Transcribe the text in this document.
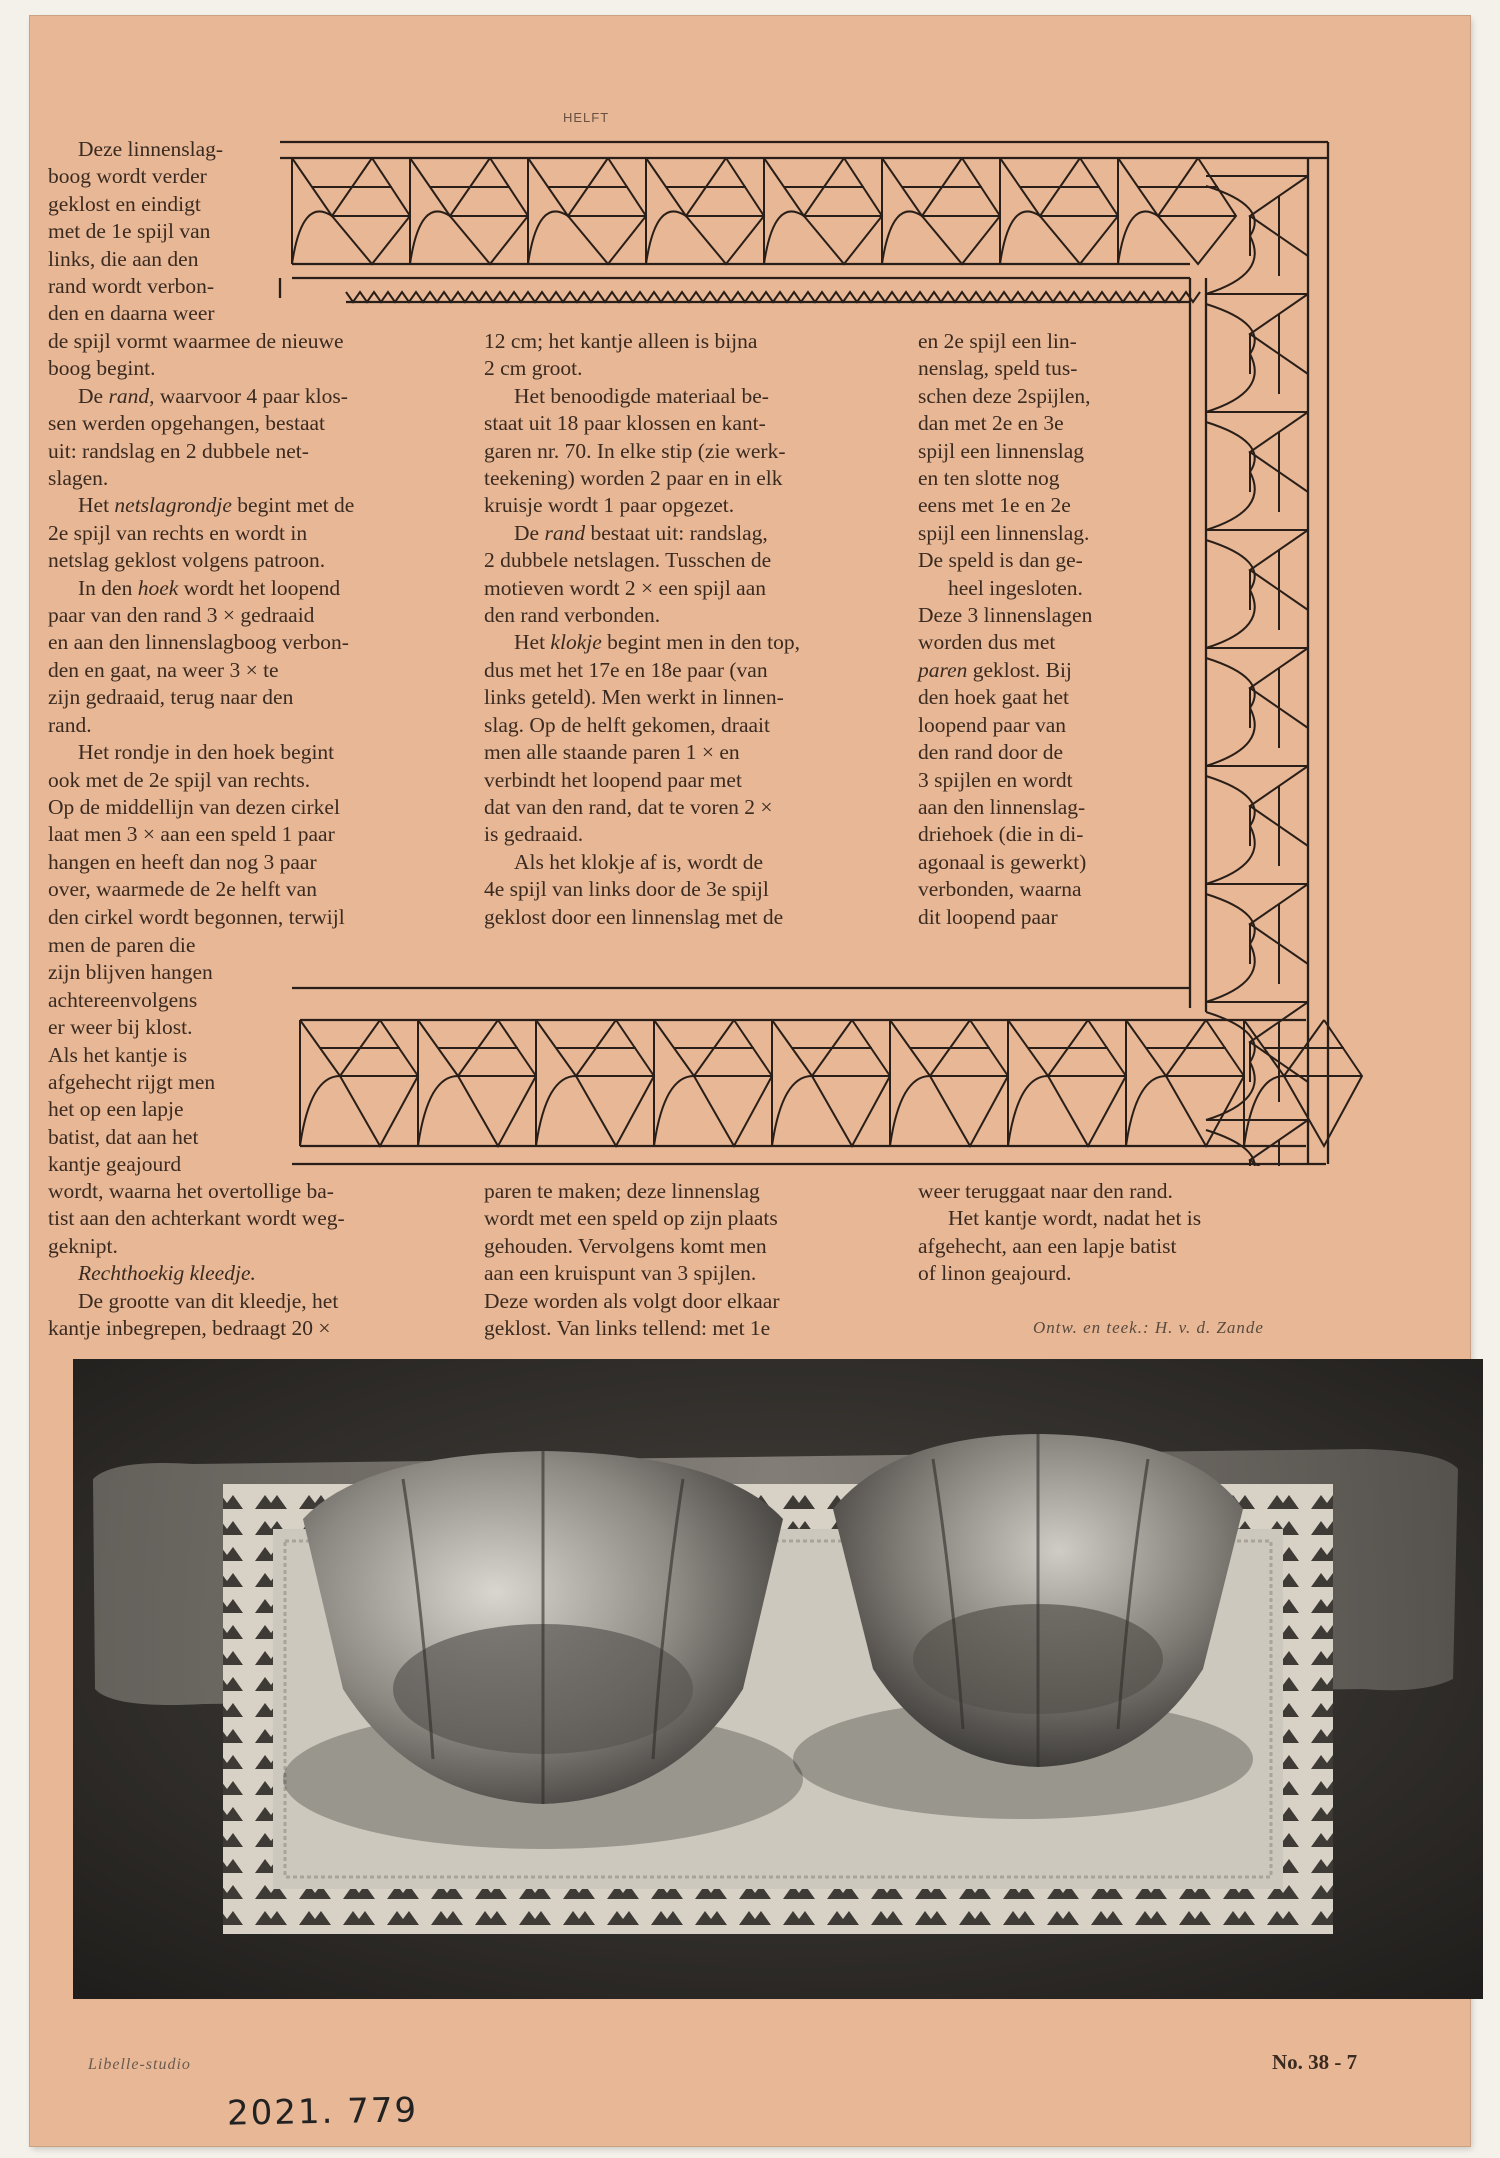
HELFT

Deze linnenslag-

boog wordt verder

geklost en eindigt

met de 1e spijl van

links, die aan den

rand wordt verbon-

den en daarna weer

de spijl vormt waarmee de nieuwe

boog begint.

De rand, waarvoor 4 paar klos-

sen werden opgehangen, bestaat

uit: randslag en 2 dubbele net-

slagen.

Het netslagrondje begint met de

2e spijl van rechts en wordt in

netslag geklost volgens patroon.

In den hoek wordt het loopend

paar van den rand 3 × gedraaid

en aan den linnenslagboog verbon-

den en gaat, na weer 3 × te

zijn gedraaid, terug naar den

rand.

Het rondje in den hoek begint

ook met de 2e spijl van rechts.

Op de middellijn van dezen cirkel

laat men 3 × aan een speld 1 paar

hangen en heeft dan nog 3 paar

over, waarmede de 2e helft van

den cirkel wordt begonnen, terwijl

men de paren die

zijn blijven hangen

achtereenvolgens

er weer bij klost.

Als het kantje is

afgehecht rijgt men

het op een lapje

batist, dat aan het

kantje geajourd

wordt, waarna het overtollige ba-

tist aan den achterkant wordt weg-

geknipt.

Rechthoekig kleedje.

De grootte van dit kleedje, het

kantje inbegrepen, bedraagt 20 ×

12 cm; het kantje alleen is bijna

2 cm groot.

Het benoodigde materiaal be-

staat uit 18 paar klossen en kant-

garen nr. 70. In elke stip (zie werk-

teekening) worden 2 paar en in elk

kruisje wordt 1 paar opgezet.

De rand bestaat uit: randslag,

2 dubbele netslagen. Tusschen de

motieven wordt 2 × een spijl aan

den rand verbonden.

Het klokje begint men in den top,

dus met het 17e en 18e paar (van

links geteld). Men werkt in linnen-

slag. Op de helft gekomen, draait

men alle staande paren 1 × en

verbindt het loopend paar met

dat van den rand, dat te voren 2 ×

is gedraaid.

Als het klokje af is, wordt de

4e spijl van links door de 3e spijl

geklost door een linnenslag met de

paren te maken; deze linnenslag

wordt met een speld op zijn plaats

gehouden. Vervolgens komt men

aan een kruispunt van 3 spijlen.

Deze worden als volgt door elkaar

geklost. Van links tellend: met 1e

en 2e spijl een lin-

nenslag, speld tus-

schen deze 2spijlen,

dan met 2e en 3e

spijl een linnenslag

en ten slotte nog

eens met 1e en 2e

spijl een linnenslag.

De speld is dan ge-

heel ingesloten.

Deze 3 linnenslagen

worden dus met

paren geklost. Bij

den hoek gaat het

loopend paar van

den rand door de

3 spijlen en wordt

aan den linnenslag-

driehoek (die in di-

agonaal is gewerkt)

verbonden, waarna

dit loopend paar

weer teruggaat naar den rand.

Het kantje wordt, nadat het is

afgehecht, aan een lapje batist

of linon geajourd.

Ontw. en teek.: H. v. d. Zande
Libelle-studio	No. 38 - 7
2021. 779
